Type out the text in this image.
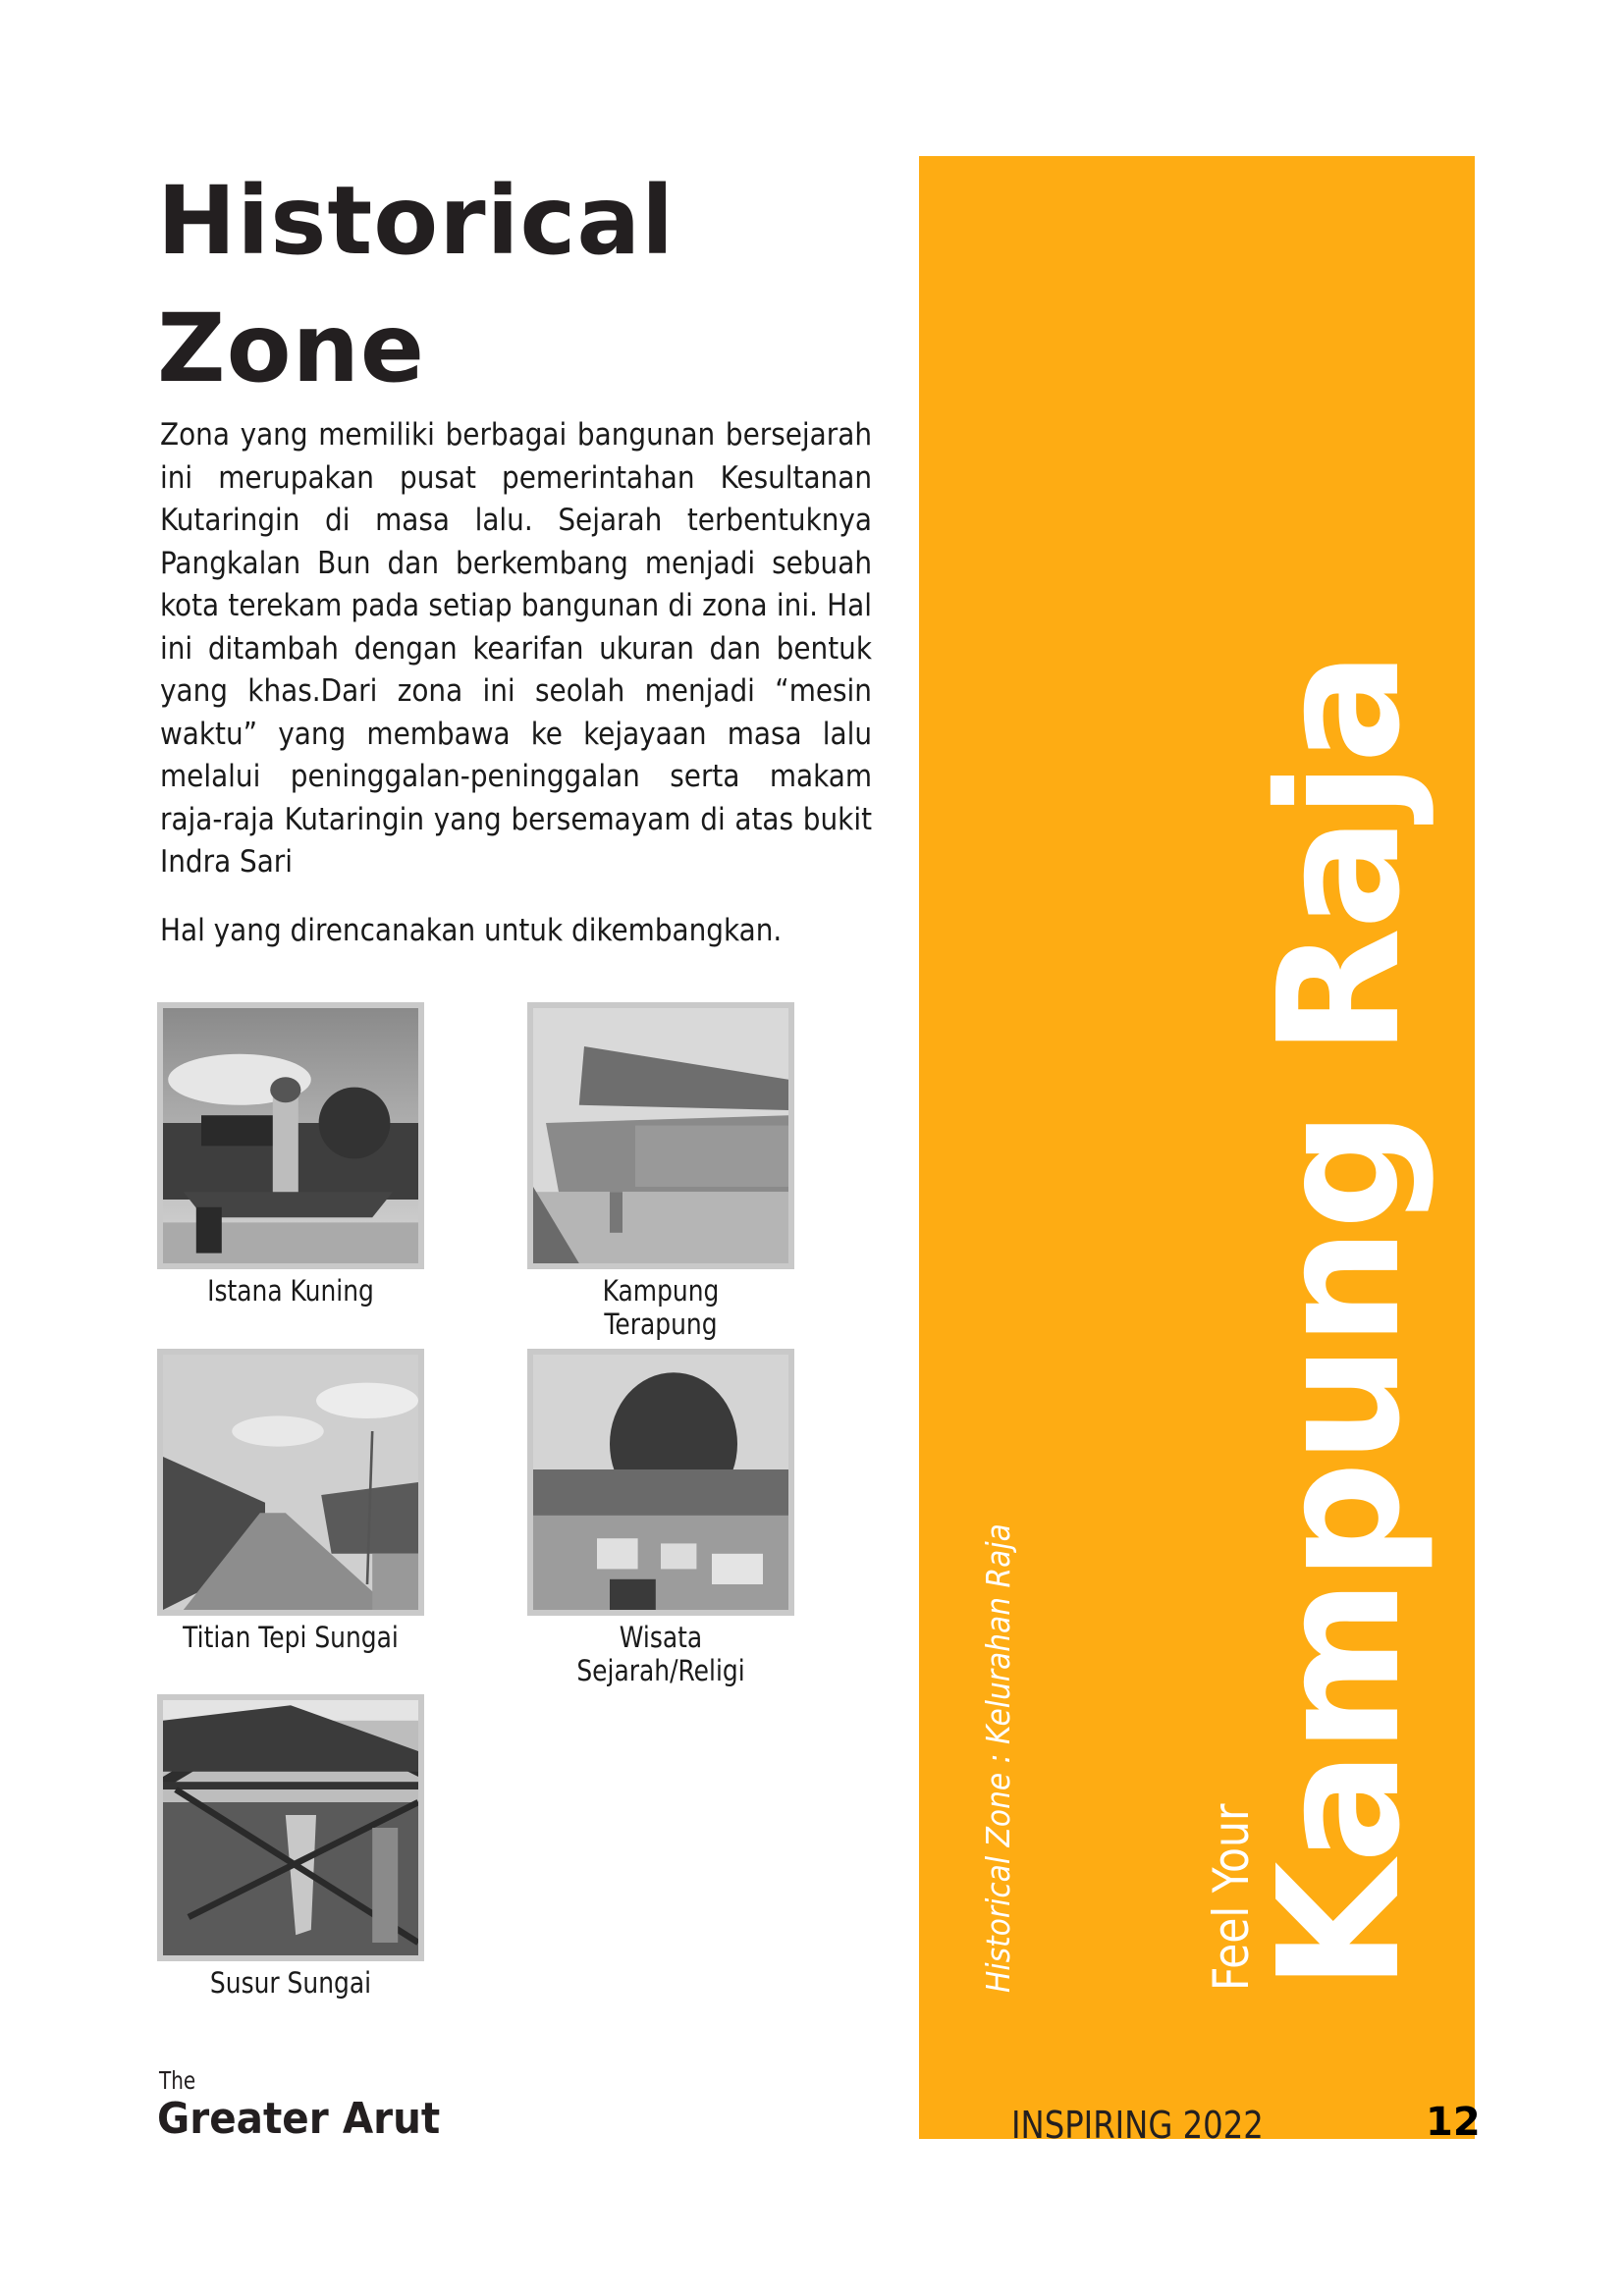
Historical
Zone

Zona yang memiliki berbagai bangunan bersejarah ini merupakan pusat pemerintahan Kesultanan Kutaringin di masa lalu. Sejarah terbentuknya Pangkalan Bun dan berkembang menjadi sebuah kota terekam pada setiap bangunan di zona ini. Hal ini ditambah dengan kearifan ukuran dan bentuk yang khas.Dari zona ini seolah menjadi “mesin waktu” yang membawa ke kejayaan masa lalu melalui peninggalan-peninggalan serta makam raja-raja Kutaringin yang bersemayam di atas bukit Indra Sari

Hal yang direncanakan untuk dikembangkan.

Istana Kuning	Kampung Terapung
Titian Tepi Sungai	Wisata Sejarah/Religi
Susur Sungai	Historical Zone : Kelurahan Raja	Feel Your
Kampung Raja
The
Greater Arut	INSPIRING 2022	12
